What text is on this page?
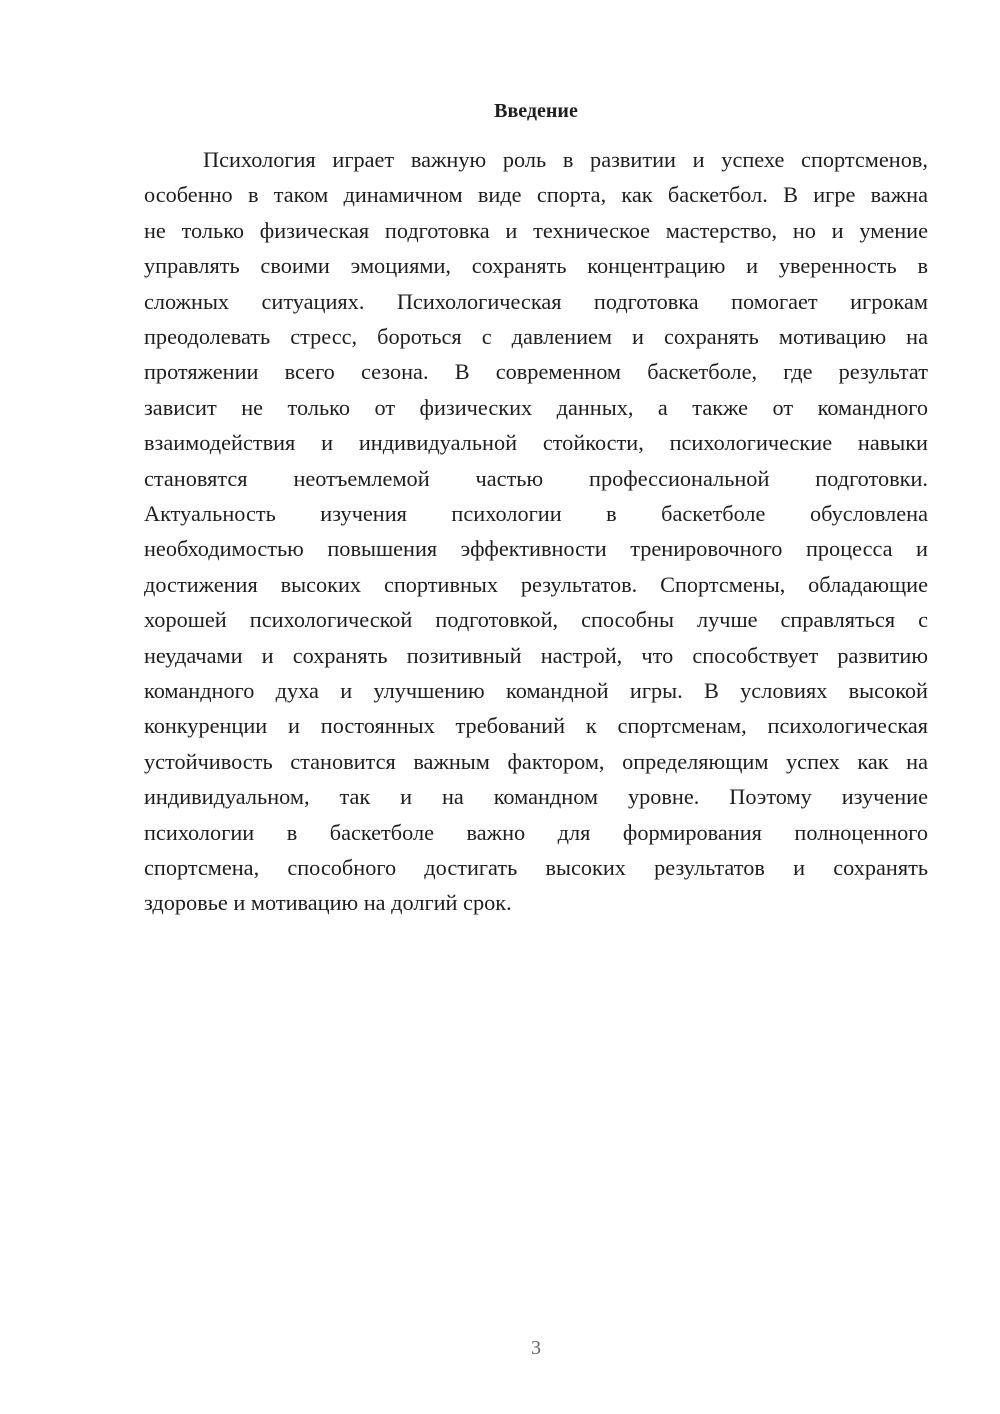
Введение
Психология играет важную роль в развитии и успехе спортсменов,
особенно в таком динамичном виде спорта, как баскетбол. В игре важна
не только физическая подготовка и техническое мастерство, но и умение
управлять своими эмоциями, сохранять концентрацию и уверенность в
сложных ситуациях. Психологическая подготовка помогает игрокам
преодолевать стресс, бороться с давлением и сохранять мотивацию на
протяжении всего сезона. В современном баскетболе, где результат
зависит не только от физических данных, а также от командного
взаимодействия и индивидуальной стойкости, психологические навыки
становятся неотъемлемой частью профессиональной подготовки.
Актуальность изучения психологии в баскетболе обусловлена
необходимостью повышения эффективности тренировочного процесса и
достижения высоких спортивных результатов. Спортсмены, обладающие
хорошей психологической подготовкой, способны лучше справляться с
неудачами и сохранять позитивный настрой, что способствует развитию
командного духа и улучшению командной игры. В условиях высокой
конкуренции и постоянных требований к спортсменам, психологическая
устойчивость становится важным фактором, определяющим успех как на
индивидуальном, так и на командном уровне. Поэтому изучение
психологии в баскетболе важно для формирования полноценного
спортсмена, способного достигать высоких результатов и сохранять
здоровье и мотивацию на долгий срок.

3
